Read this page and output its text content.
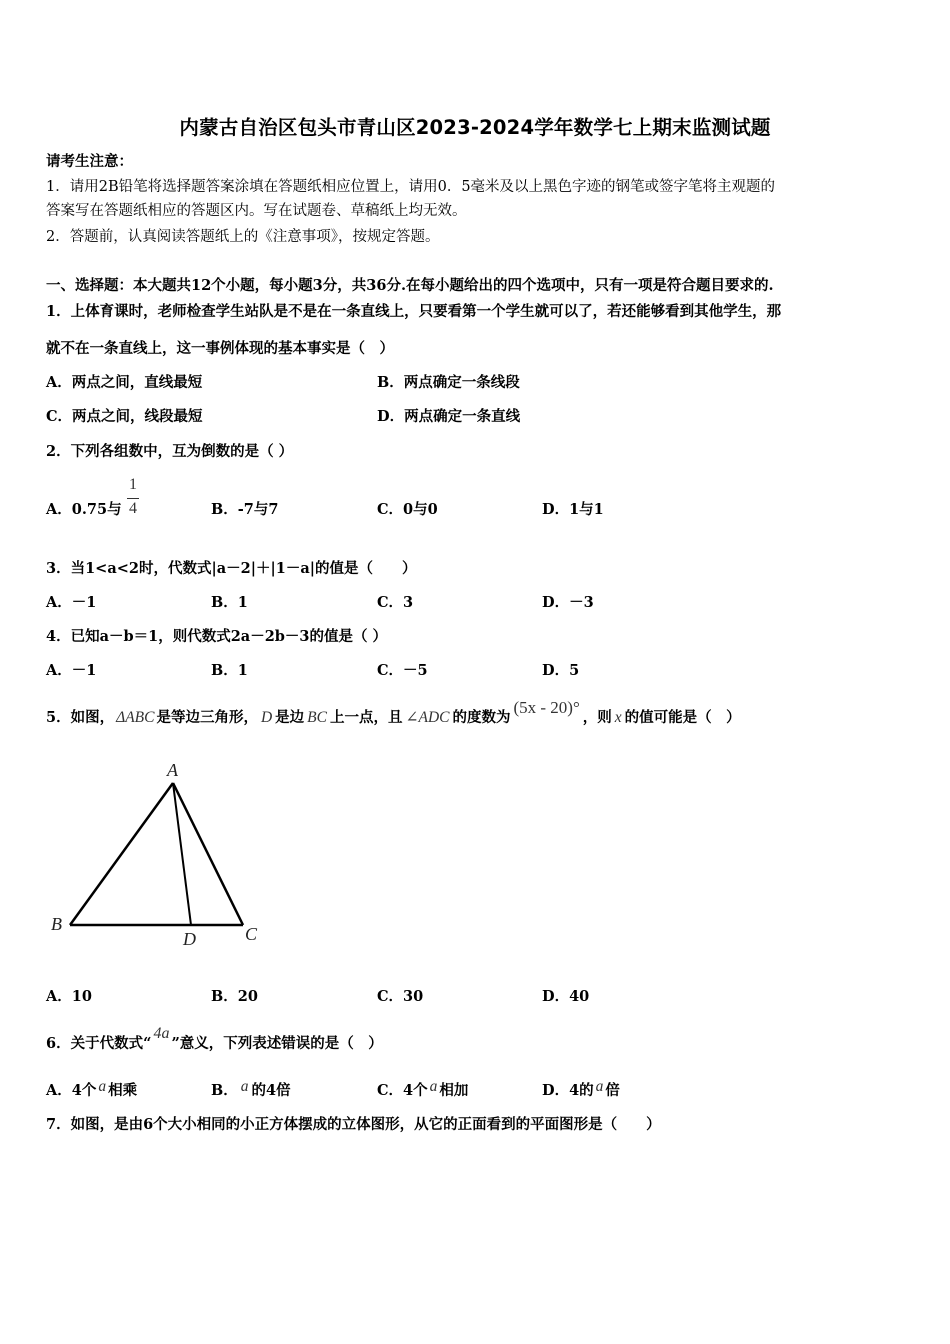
内蒙古自治区包头市青山区2023-2024学年数学七上期末监测试题
请考生注意：
1．请用2B铅笔将选择题答案涂填在答题纸相应位置上，请用0．5毫米及以上黑色字迹的钢笔或签字笔将主观题的
答案写在答题纸相应的答题区内。写在试题卷、草稿纸上均无效。
2．答题前，认真阅读答题纸上的《注意事项》，按规定答题。
一、选择题：本大题共12个小题，每小题3分，共36分.在每小题给出的四个选项中，只有一项是符合题目要求的.
1．上体育课时，老师检查学生站队是不是在一条直线上，只要看第一个学生就可以了，若还能够看到其他学生，那
就不在一条直线上，这一事例体现的基本事实是（　）
A．两点之间，直线最短	B．两点确定一条线段
C．两点之间，线段最短	D．两点确定一条直线
2．下列各组数中，互为倒数的是（ ）
A．0.75与
1
4	B．-7与7	C．0与0	D．1与1
3．当1<a<2时，代数式|a－2|＋|1－a|的值是（　　）
A．－1	B．1	C．3	D．－3
4．已知a－b＝1，则代数式2a－2b－3的值是（ ）
A．－1	B．1	C．－5	D．5
5．如图， ΔABC 是等边三角形， D 是边 BC 上一点，且 ∠ADC 的度数为(5x - 20)°，则 x 的值可能是（　）
A
B
D	C
A．10	B．20	C．30	D．40
6．关于代数式“4a”意义，下列表述错误的是（　）
A．4个 a 相乘	B． a 的4倍	C．4个 a 相加	D．4的 a 倍
7．如图，是由6个大小相同的小正方体摆成的立体图形，从它的正面看到的平面图形是（　　）
